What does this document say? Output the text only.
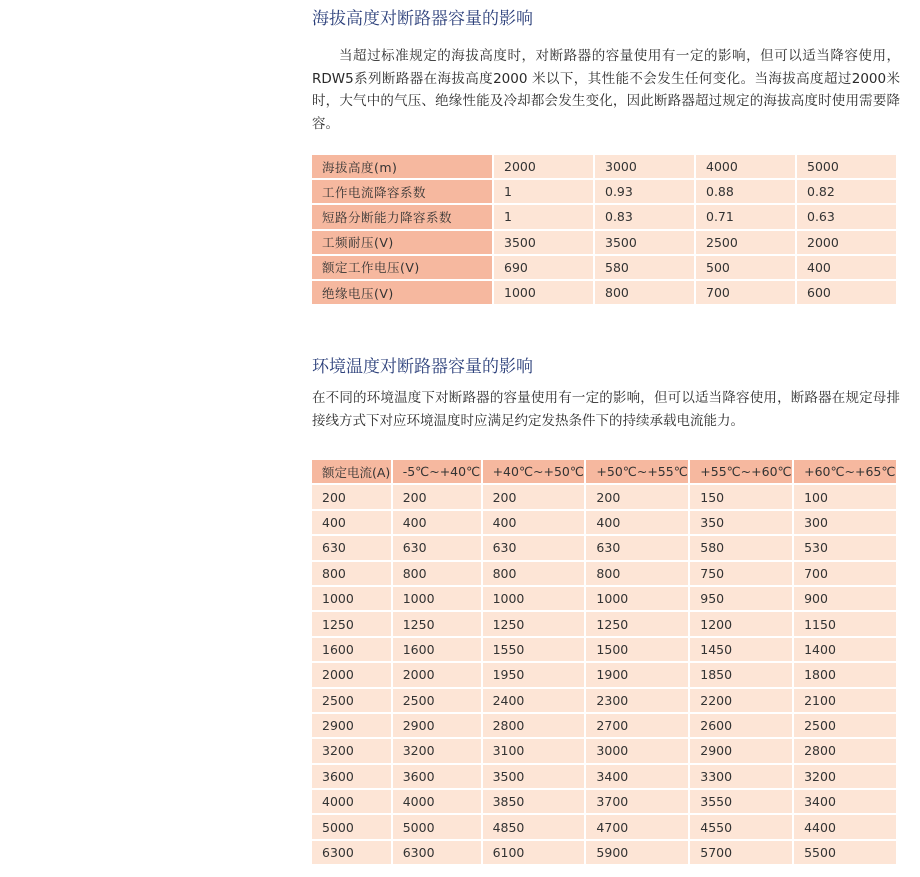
海拔高度对断路器容量的影响

当超过标准规定的海拔高度时，对断路器的容量使用有一定的影响，但可以适当降容使用，RDW5系列断路器在海拔高度2000 米以下，其性能不会发生任何变化。当海拔高度超过2000米时，大气中的气压、绝缘性能及冷却都会发生变化，因此断路器超过规定的海拔高度时使用需要降容。

海拔高度(m)	2000	3000	4000	5000
工作电流降容系数	1	0.93	0.88	0.82
短路分断能力降容系数	1	0.83	0.71	0.63
工频耐压(V)	3500	3500	2500	2000
额定工作电压(V)	690	580	500	400
绝缘电压(V)	1000	800	700	600
环境温度对断路器容量的影响

在不同的环境温度下对断路器的容量使用有一定的影响，但可以适当降容使用，断路器在规定母排接线方式下对应环境温度时应满足约定发热条件下的持续承载电流能力。

额定电流(A)	-5℃~+40℃	+40℃~+50℃	+50℃~+55℃	+55℃~+60℃	+60℃~+65℃
200	200	200	200	150	100
400	400	400	400	350	300
630	630	630	630	580	530
800	800	800	800	750	700
1000	1000	1000	1000	950	900
1250	1250	1250	1250	1200	1150
1600	1600	1550	1500	1450	1400
2000	2000	1950	1900	1850	1800
2500	2500	2400	2300	2200	2100
2900	2900	2800	2700	2600	2500
3200	3200	3100	3000	2900	2800
3600	3600	3500	3400	3300	3200
4000	4000	3850	3700	3550	3400
5000	5000	4850	4700	4550	4400
6300	6300	6100	5900	5700	5500
